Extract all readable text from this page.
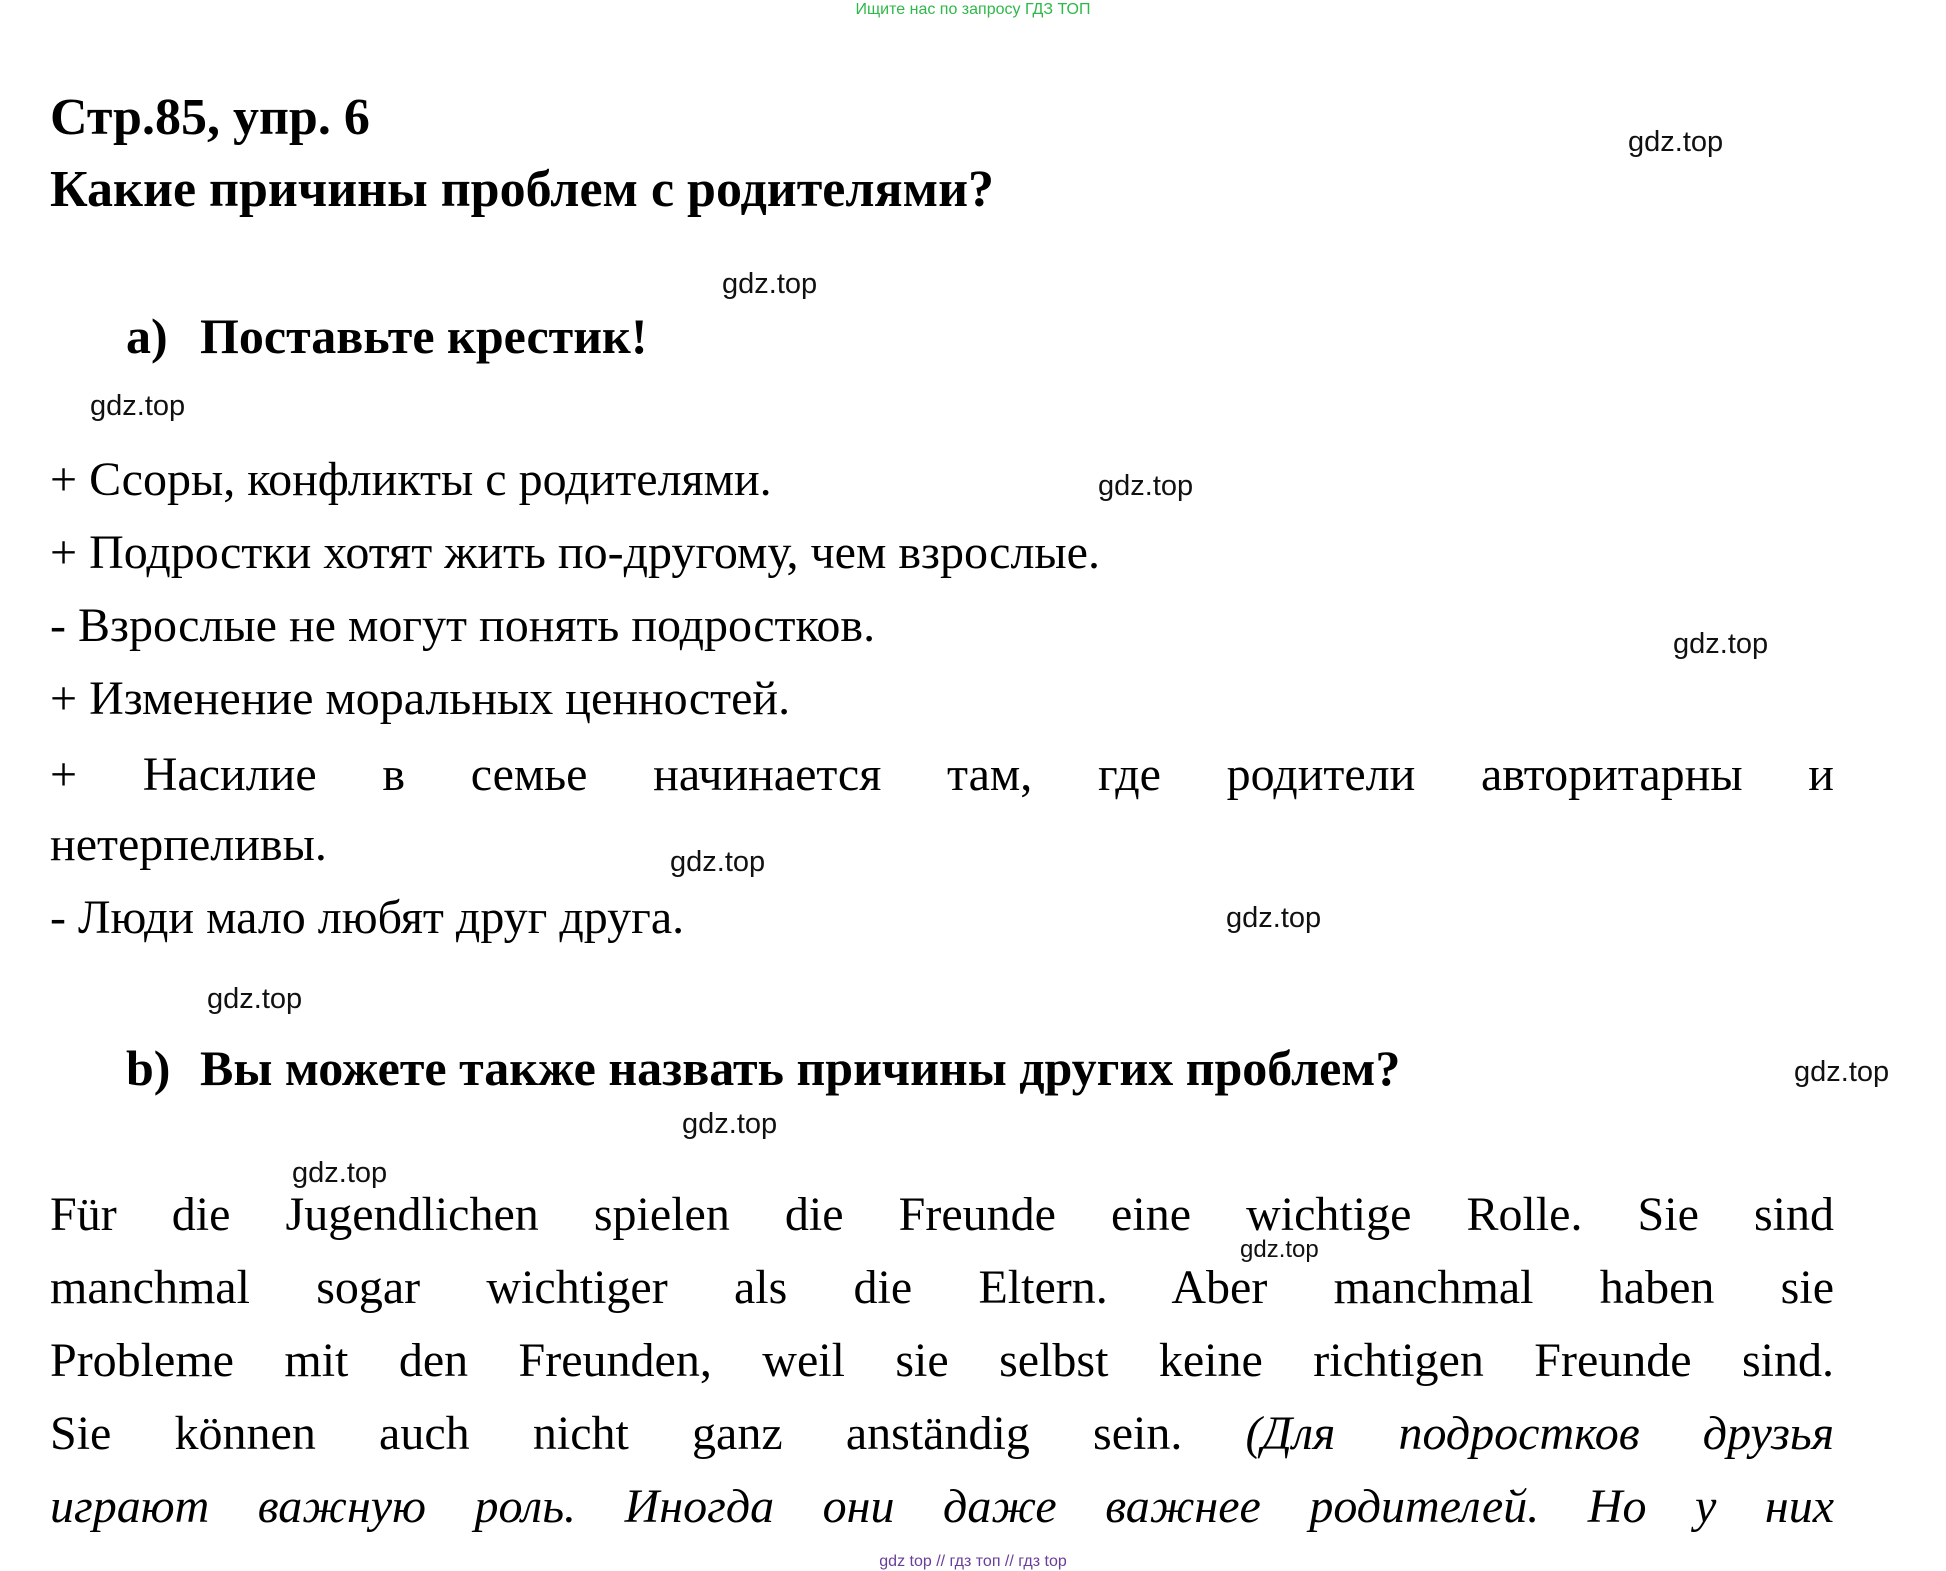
Ищите нас по запросу ГДЗ ТОП
Стр.85, упр. 6
Какие причины проблем с родителями?
a) Поставьте крестик!
+ Ссоры, конфликты с родителями.
+ Подростки хотят жить по-другому, чем взрослые.
- Взрослые не могут понять подростков.
+ Изменение моральных ценностей.
+ Насилие в семье начинается там, где родители авторитарны и
нетерпеливы.
- Люди мало любят друг друга.
b) Вы можете также назвать причины других проблем?
Für die Jugendlichen spielen die Freunde eine wichtige Rolle. Sie sind
manchmal sogar wichtiger als die Eltern. Aber manchmal haben sie
Probleme mit den Freunden, weil sie selbst keine richtigen Freunde sind.
Sie können auch nicht ganz anständig sein. (Для подростков друзья
играют важную роль. Иногда они даже важнее родителей. Но у них
gdz.top
gdz.top
gdz.top
gdz.top
gdz.top
gdz.top
gdz.top
gdz.top
gdz.top
gdz.top
gdz.top
gdz.top
gdz top // гдз топ // гдз top
